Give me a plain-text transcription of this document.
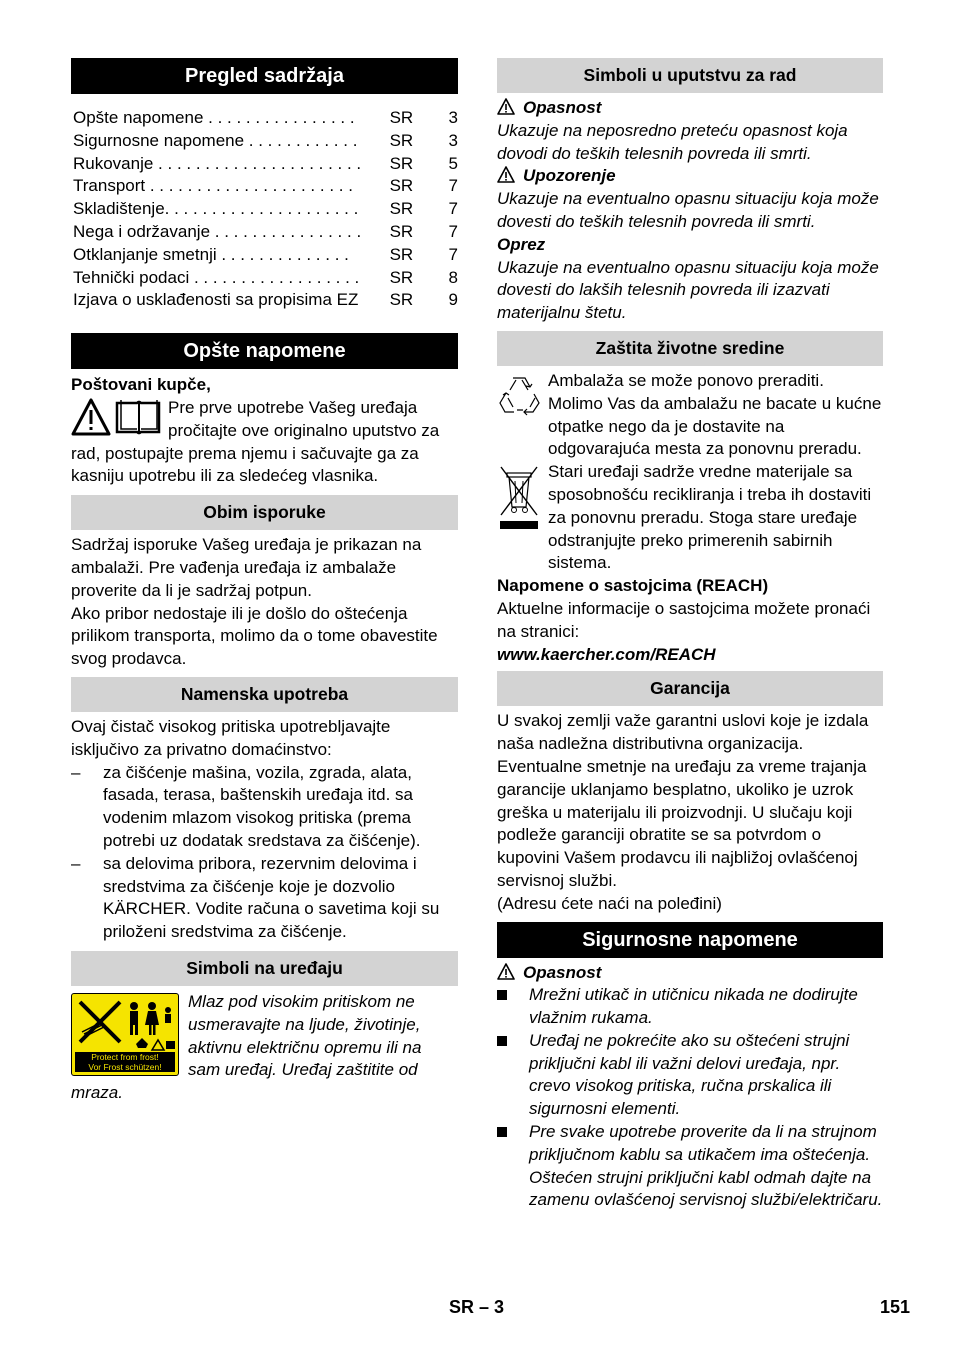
Pregled sadržaja
Opšte napomene . . . . . . . . . . . . . . . .	SR	3
Sigurnosne napomene . . . . . . . . . . . .	SR	3
Rukovanje . . . . . . . . . . . . . . . . . . . . . .	SR	5
Transport . . . . . . . . . . . . . . . . . . . . . .	SR	7
Skladištenje. . . . . . . . . . . . . . . . . . . . .	SR	7
Nega i održavanje . . . . . . . . . . . . . . . .	SR	7
Otklanjanje smetnji . . . . . . . . . . . . . .	SR	7
Tehnički podaci . . . . . . . . . . . . . . . . . .	SR	8
Izjava o usklađenosti sa propisima EZ	SR	9
Opšte napomene
Poštovani kupče,
Pre prve upotrebe Vašeg uređaja
pročitajte ove originalno uputstvo za
rad, postupajte prema njemu i sačuvajte ga za kasniju upotrebu ili za sledećeg vlasnika.
Obim isporuke
Sadržaj isporuke Vašeg uređaja je prikazan na ambalaži. Pre vađenja uređaja iz ambalaže proverite da li je sadržaj potpun.
Ako pribor nedostaje ili je došlo do oštećenja prilikom transporta, molimo da o tome obavestite svog prodavca.
Namenska upotreba
Ovaj čistač visokog pritiska upotrebljavajte isključivo za privatno domaćinstvo:
–	za čišćenje mašina, vozila, zgrada, alata, fasada, terasa, baštenskih uređaja itd. sa vodenim mlazom visokog pritiska (prema potrebi uz dodatak sredstava za čišćenje).
–	sa delovima pribora, rezervnim delovima i sredstvima za čišćenje koje je dozvolio KÄRCHER. Vodite računa o savetima koji su priloženi sredstvima za čišćenje.
Simboli na uređaju
Protect from frost!
Vor Frost schützen!
Mlaz pod visokim pritiskom ne usmeravajte na ljude, životinje, aktivnu električnu opremu ili na sam uređaj. Uređaj zaštitite od mraza.
Simboli u uputstvu za rad
Opasnost
Ukazuje na neposredno preteću opasnost koja dovodi do teških telesnih povreda ili smrti.
Upozorenje
Ukazuje na eventualno opasnu situaciju koja može dovesti do teških telesnih povreda ili smrti.
Oprez
Ukazuje na eventualno opasnu situaciju koja može dovesti do lakših telesnih povreda ili izazvati materijalnu štetu.
Zaštita životne sredine
Ambalaža se može ponovo preraditi. Molimo Vas da ambalažu ne bacate u kućne otpatke nego da je dostavite na odgovarajuća mesta za ponovnu preradu.
Stari uređaji sadrže vredne materijale sa sposobnošću recikliranja i treba ih dostaviti za ponovnu preradu. Stoga stare uređaje odstranjujte preko primerenih sabirnih sistema.
Napomene o sastojcima (REACH)
Aktuelne informacije o sastojcima možete pronaći na stranici:
www.kaercher.com/REACH
Garancija
U svakoj zemlji važe garantni uslovi koje je izdala naša nadležna distributivna organizacija. Eventualne smetnje na uređaju za vreme trajanja garancije uklanjamo besplatno, ukoliko je uzrok greška u materijalu ili proizvodnji. U slučaju koji podleže garanciji obratite se sa potvrdom o kupovini Vašem prodavcu ili najbližoj ovlašćenoj servisnoj službi.
(Adresu ćete naći na poleđini)
Sigurnosne napomene
Opasnost
Mrežni utikač in utičnicu nikada ne dodirujte vlažnim rukama.
Uređaj ne pokrećite ako su oštećeni strujni priključni kabl ili važni delovi uređaja, npr. crevo visokog pritiska, ručna prskalica ili sigurnosni elementi.
Pre svake upotrebe proverite da li na strujnom priključnom kablu sa utikačem ima oštećenja. Oštećen strujni priključni kabl odmah dajte na zamenu ovlašćenoj servisnoj službi/električaru.
SR – 3	151
